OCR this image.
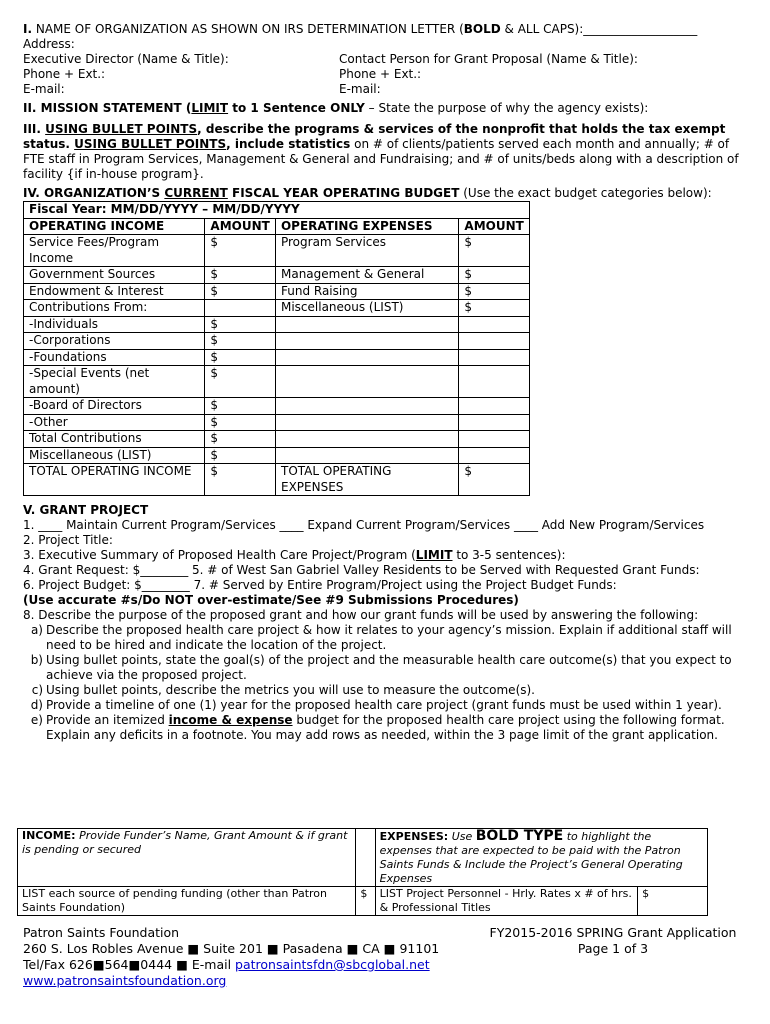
I. NAME OF ORGANIZATION AS SHOWN ON IRS DETERMINATION LETTER (BOLD & ALL CAPS):___________________

Address:

Executive Director (Name & Title):

Phone + Ext.:

E-mail:

Contact Person for Grant Proposal (Name & Title):

Phone + Ext.:

E-mail:

II. MISSION STATEMENT (LIMIT to 1 Sentence ONLY – State the purpose of why the agency exists):

III. USING BULLET POINTS, describe the programs & services of the nonprofit that holds the tax exempt status. USING BULLET POINTS, include statistics on # of clients/patients served each month and annually; # of FTE staff in Program Services, Management & General and Fundraising; and # of units/beds along with a description of facility {if in-house program}.

IV. ORGANIZATION’S CURRENT FISCAL YEAR OPERATING BUDGET (Use the exact budget categories below):

Fiscal Year: MM/DD/YYYY – MM/DD/YYYY			
OPERATING INCOME	AMOUNT	OPERATING EXPENSES	AMOUNT
Service Fees/Program Income	$	Program Services	$
Government Sources	$	Management & General	$
Endowment & Interest	$	Fund Raising	$
Contributions From:		Miscellaneous (LIST)	$
-Individuals	$		
-Corporations	$		
-Foundations	$		
-Special Events (net amount)	$		
-Board of Directors	$		
-Other	$		
Total Contributions	$		
Miscellaneous (LIST)	$		
TOTAL OPERATING INCOME	$	TOTAL OPERATING EXPENSES	$

V. GRANT PROJECT

1. ____ Maintain Current Program/Services ____ Expand Current Program/Services ____ Add New Program/Services

2. Project Title:

3. Executive Summary of Proposed Health Care Project/Program (LIMIT to 3-5 sentences):

4. Grant Request: $________ 5. # of West San Gabriel Valley Residents to be Served with Requested Grant Funds:

6. Project Budget: $________ 7. # Served by Entire Program/Project using the Project Budget Funds:

(Use accurate #s/Do NOT over-estimate/See #9 Submissions Procedures)

8. Describe the purpose of the proposed grant and how our grant funds will be used by answering the following:

a) Describe the proposed health care project & how it relates to your agency’s mission. Explain if additional staff will need to be hired and indicate the location of the project.
b) Using bullet points, state the goal(s) of the project and the measurable health care outcome(s) that you expect to achieve via the proposed project.
c) Using bullet points, describe the metrics you will use to measure the outcome(s).
d) Provide a timeline of one (1) year for the proposed health care project (grant funds must be used within 1 year).
e) Provide an itemized income & expense budget for the proposed health care project using the following format. Explain any deficits in a footnote. You may add rows as needed, within the 3 page limit of the grant application.
INCOME: Provide Funder’s Name, Grant Amount & if grant is pending or secured		EXPENSES: Use BOLD TYPE to highlight the expenses that are expected to be paid with the Patron Saints Funds & Include the Project’s General Operating Expenses	
LIST each source of pending funding (other than Patron Saints Foundation)	$	LIST Project Personnel - Hrly. Rates x # of hrs. & Professional Titles	$

Patron Saints Foundation

260 S. Los Robles Avenue ■ Suite 201 ■ Pasadena ■ CA ■ 91101

Tel/Fax 626■564■0444 ■ E-mail patronsaintsfdn@sbcglobal.net

www.patronsaintsfoundation.org

FY2015-2016 SPRING Grant Application

Page 1 of 3
